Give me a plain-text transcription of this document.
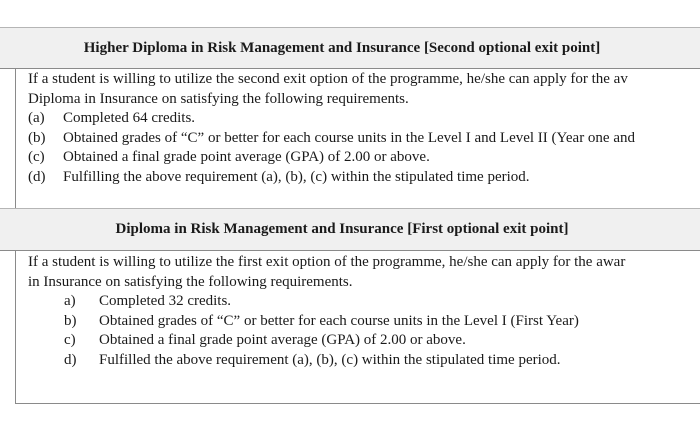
Higher Diploma in Risk Management and Insurance [Second optional exit point]
If a student is willing to utilize the second exit option of the programme, he/she can apply for the av
Diploma in Insurance on satisfying the following requirements.
(a)	Completed 64 credits.
(b)	Obtained grades of “C” or better for each course units in the Level I and Level II (Year one and
(c)	Obtained a final grade point average (GPA) of 2.00 or above.
(d)	Fulfilling the above requirement (a), (b), (c) within the stipulated time period.
Diploma in Risk Management and Insurance [First optional exit point]
If a student is willing to utilize the first exit option of the programme, he/she can apply for the awar
in Insurance on satisfying the following requirements.
a)	Completed 32 credits.
b)	Obtained grades of “C” or better for each course units in the Level I (First Year)
c)	Obtained a final grade point average (GPA) of 2.00 or above.
d)	Fulfilled the above requirement (a), (b), (c) within the stipulated time period.
